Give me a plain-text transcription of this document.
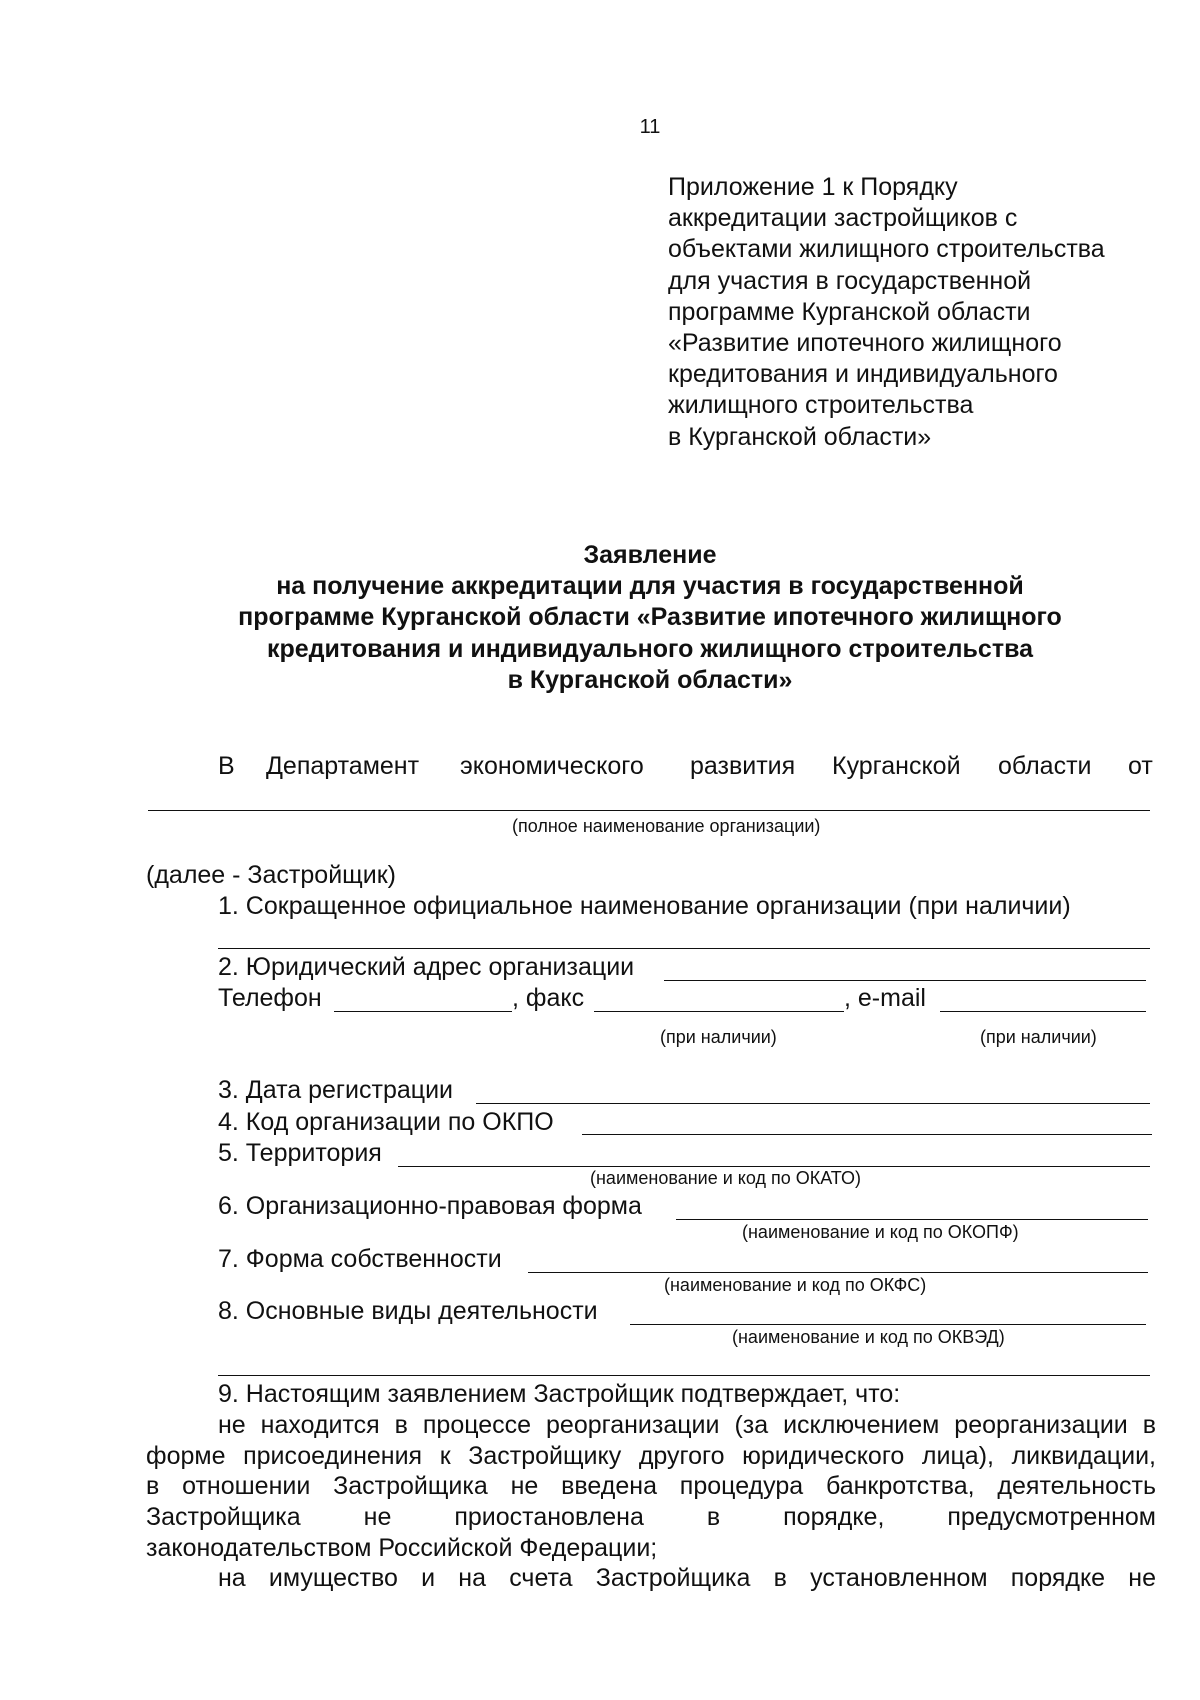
11
Приложение 1 к Порядку
аккредитации застройщиков с
объектами жилищного строительства
для участия в государственной
программе Курганской области
«Развитие ипотечного жилищного
кредитования и индивидуального
жилищного строительства
в Курганской области»
Заявление
на получение аккредитации для участия в государственной
программе Курганской области «Развитие ипотечного жилищного
кредитования и индивидуального жилищного строительства
в Курганской области»
В Департамент экономического развития Курганской области от
(полное наименование организации)
(далее - Застройщик)
1. Сокращенное официальное наименование организации (при наличии)
2. Юридический адрес организации
Телефон	, факс	, e-mail
(при наличии)	(при наличии)
3. Дата регистрации
4. Код организации по ОКПО
5. Территория
(наименование и код по ОКАТО)
6. Организационно-правовая форма
(наименование и код по ОКОПФ)
7. Форма собственности
(наименование и код по ОКФС)
8. Основные виды деятельности
(наименование и код по ОКВЭД)
9. Настоящим заявлением Застройщик подтверждает, что:
не находится в процессе реорганизации (за исключением реорганизации в
форме присоединения к Застройщику другого юридического лица), ликвидации,
в отношении Застройщика не введена процедура банкротства, деятельность
Застройщика не приостановлена в порядке, предусмотренном
законодательством Российской Федерации;
на имущество и на счета Застройщика в установленном порядке не
